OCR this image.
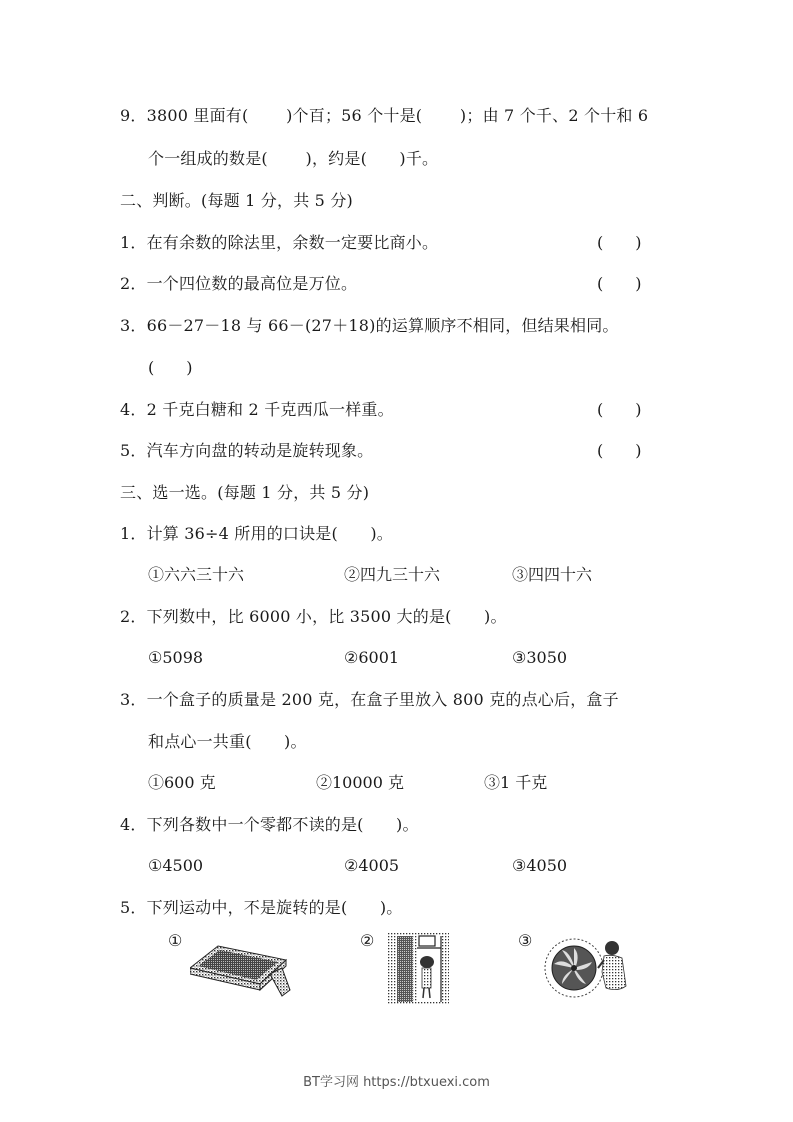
9．3800 里面有(　　 )个百；56 个十是(　　 )；由 7 个千、2 个十和 6
个一组成的数是(　　 )，约是(　　)千。
二、判断。(每题 1 分，共 5 分)
1．在有余数的除法里，余数一定要比商小。	(　　)
2．一个四位数的最高位是万位。	(　　)
3．66－27－18 与 66－(27＋18)的运算顺序不相同，但结果相同。
(　　)
4．2 千克白糖和 2 千克西瓜一样重。	(　　)
5．汽车方向盘的转动是旋转现象。	(　　)
三、选一选。(每题 1 分，共 5 分)
1．计算 36÷4 所用的口诀是(　　)。
①六六三十六	②四九三十六	③四四十六
2．下列数中，比 6000 小，比 3500 大的是(　　)。
①5098	②6001	③3050
3．一个盒子的质量是 200 克，在盒子里放入 800 克的点心后，盒子
和点心一共重(　　)。
①600 克	②10000 克	③1 千克
4．下列各数中一个零都不读的是(　　)。
①4500	②4005	③4050
5．下列运动中，不是旋转的是(　　)。
①	②	③
BT学习网 https://btxuexi.com
